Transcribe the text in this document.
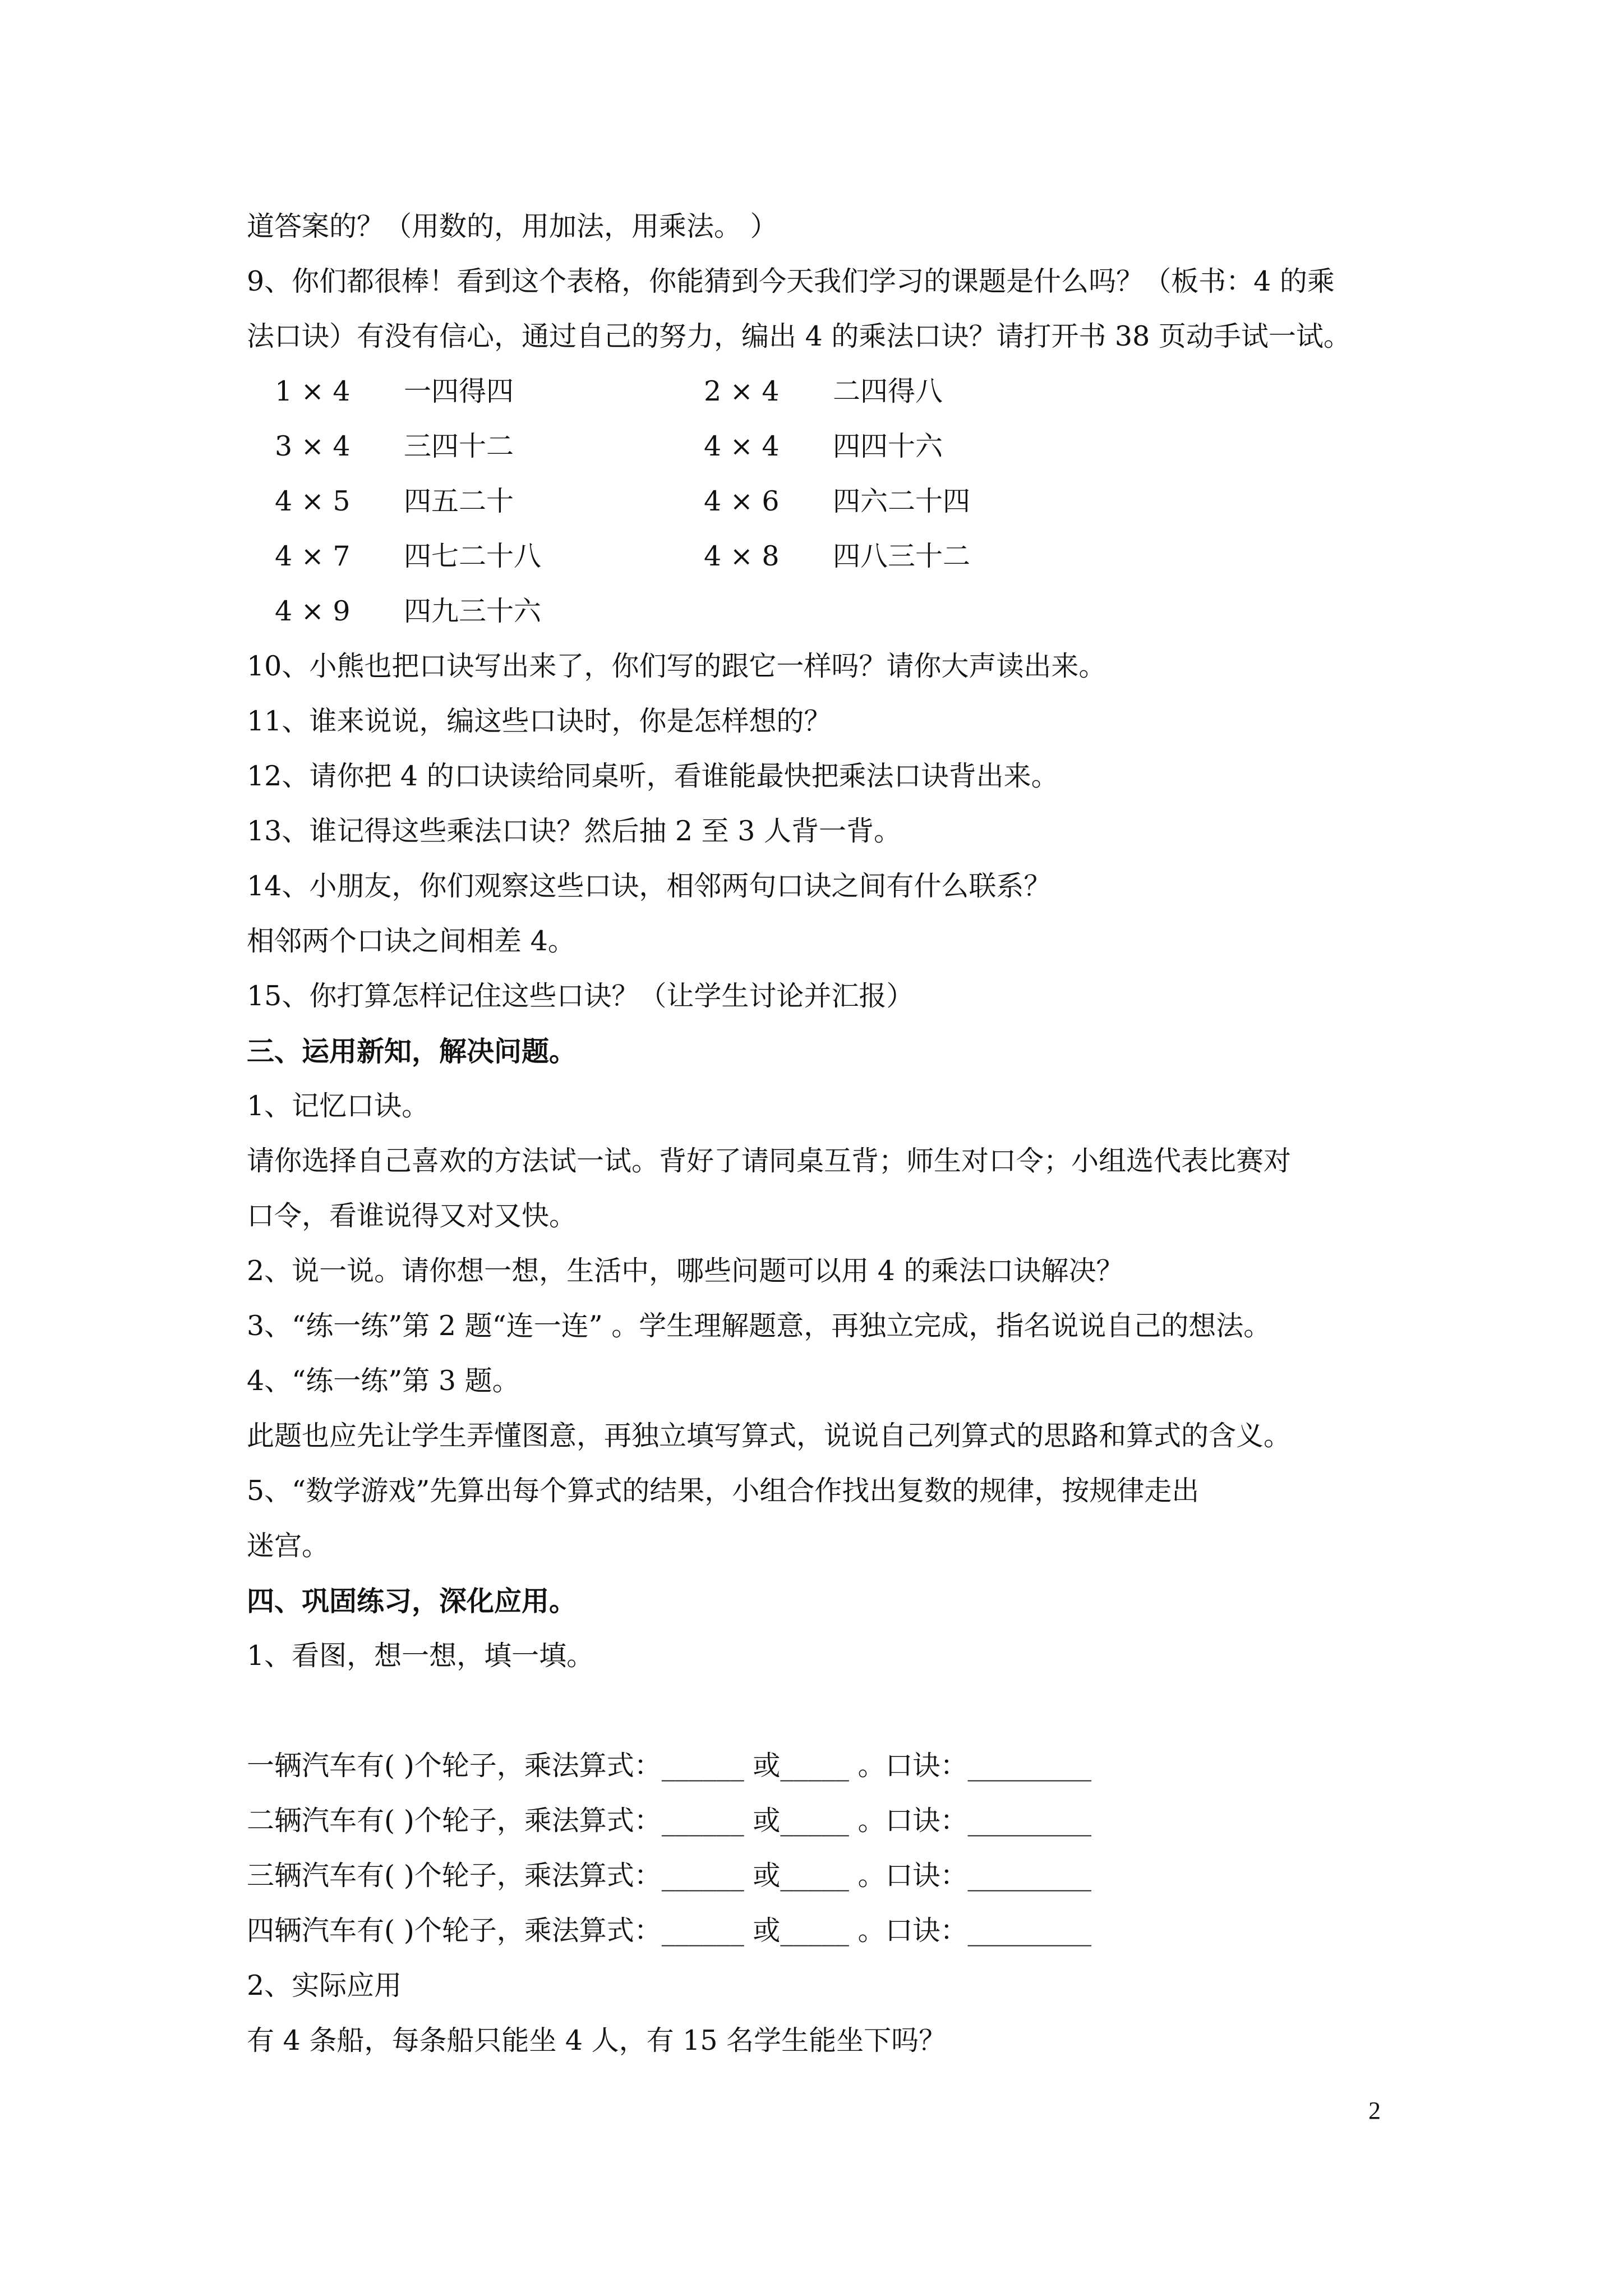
道答案的？（用数的，用加法，用乘法。 ）
9、你们都很棒！看到这个表格，你能猜到今天我们学习的课题是什么吗？（板书：4 的乘
法口诀）有没有信心，通过自己的努力，编出 4 的乘法口诀？请打开书 38 页动手试一试。
1 × 4 一四得四	2 × 4 二四得八
3 × 4 三四十二	4 × 4 四四十六
4 × 5 四五二十	4 × 6 四六二十四
4 × 7 四七二十八	4 × 8 四八三十二
4 × 9 四九三十六
10、小熊也把口诀写出来了，你们写的跟它一样吗？请你大声读出来。
11、谁来说说，编这些口诀时，你是怎样想的？
12、请你把 4 的口诀读给同桌听，看谁能最快把乘法口诀背出来。
13、谁记得这些乘法口诀？然后抽 2 至 3 人背一背。
14、小朋友，你们观察这些口诀，相邻两句口诀之间有什么联系？
相邻两个口诀之间相差 4。
15、你打算怎样记住这些口诀？（让学生讨论并汇报）
三、运用新知，解决问题。
1、记忆口诀。
请你选择自己喜欢的方法试一试。背好了请同桌互背；师生对口令；小组选代表比赛对
口令，看谁说得又对又快。
2、说一说。请你想一想，生活中，哪些问题可以用 4 的乘法口诀解决？
3、“练一练”第 2 题“连一连” 。学生理解题意，再独立完成，指名说说自己的想法。
4、“练一练”第 3 题。
此题也应先让学生弄懂图意，再独立填写算式，说说自己列算式的思路和算式的含义。
5、“数学游戏”先算出每个算式的结果，小组合作找出复数的规律，按规律走出
迷宫。
四、巩固练习，深化应用。
1、看图，想一想，填一填。
一辆汽车有( )个轮子，乘法算式：______ 或_____ 。口诀：_________
二辆汽车有( )个轮子，乘法算式：______ 或_____ 。口诀：_________
三辆汽车有( )个轮子，乘法算式：______ 或_____ 。口诀：_________
四辆汽车有( )个轮子，乘法算式：______ 或_____ 。口诀：_________
2、实际应用
有 4 条船，每条船只能坐 4 人，有 15 名学生能坐下吗？
2
